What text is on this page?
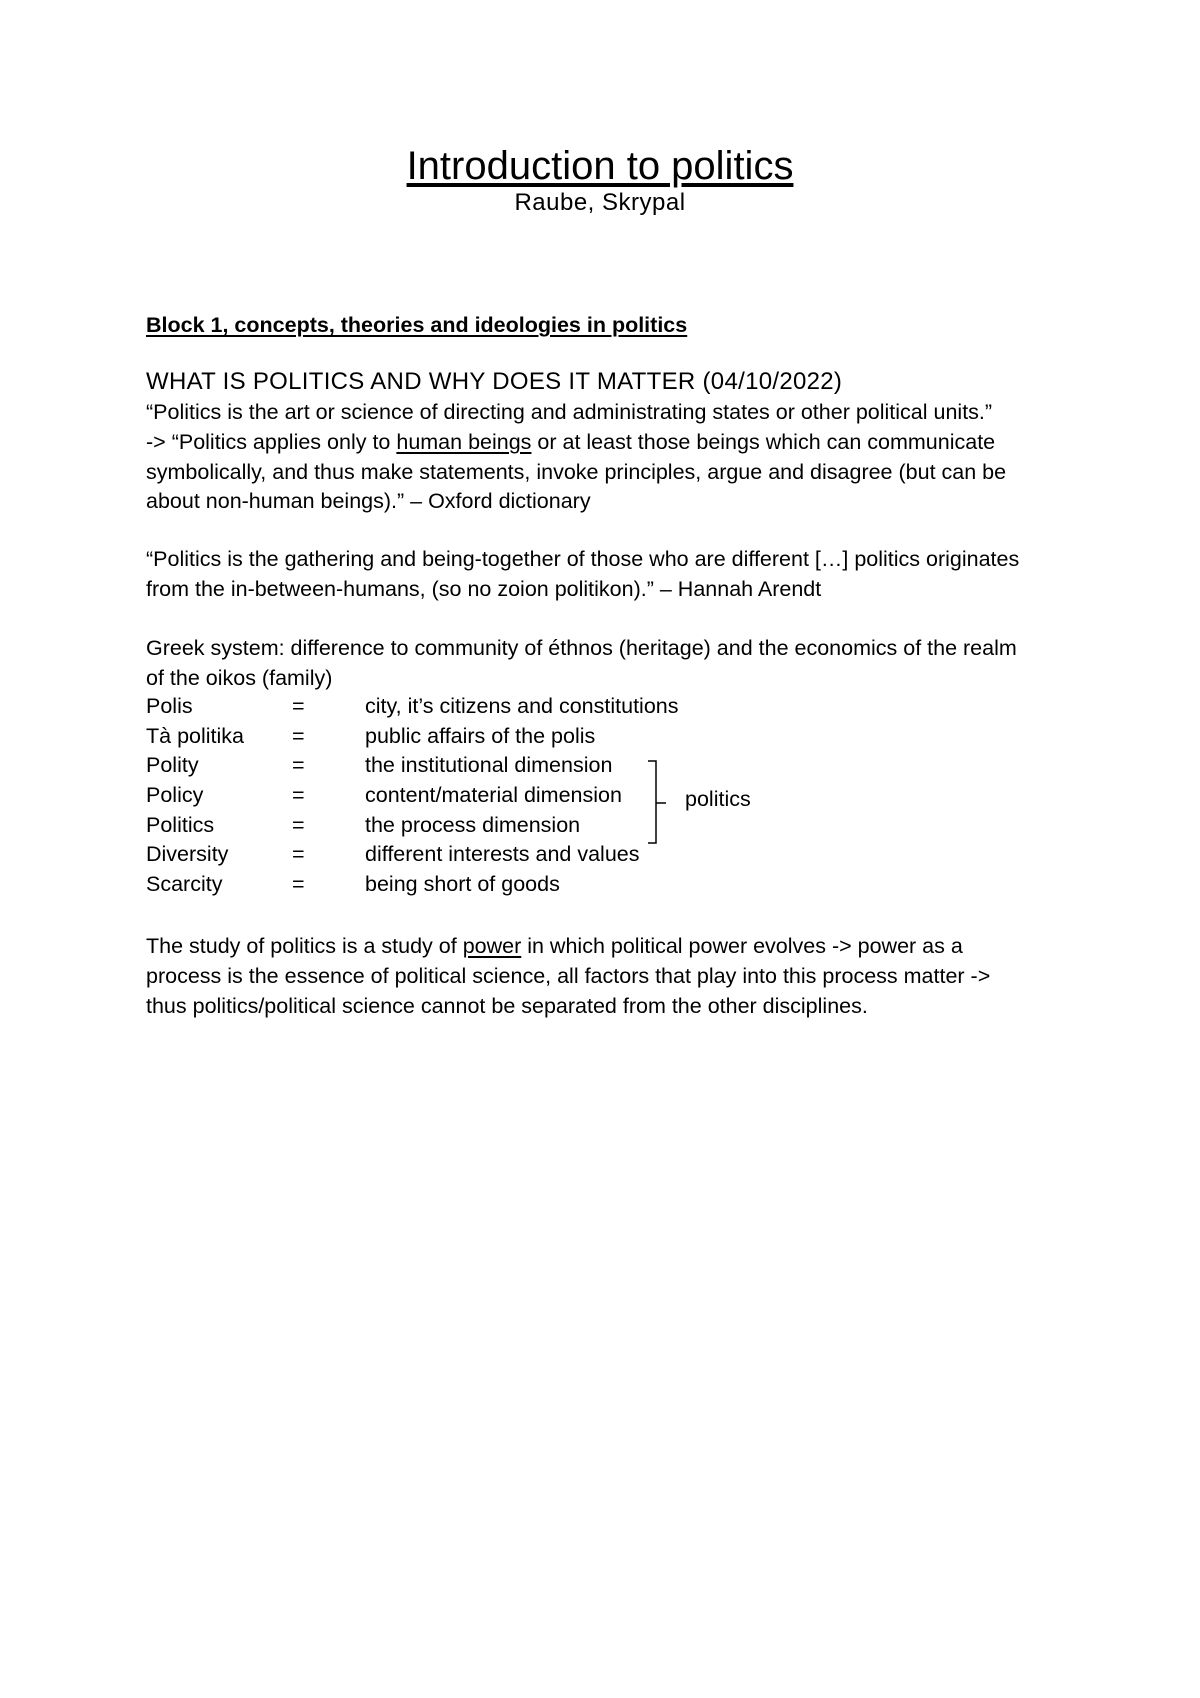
Introduction to politics
Raube, Skrypal
Block 1, concepts, theories and ideologies in politics
WHAT IS POLITICS AND WHY DOES IT MATTER (04/10/2022)
“Politics is the art or science of directing and administrating states or other political units.”
-> “Politics applies only to human beings or at least those beings which can communicate
symbolically, and thus make statements, invoke principles, argue and disagree (but can be
about non-human beings).” – Oxford dictionary
“Politics is the gathering and being-together of those who are different […] politics originates
from the in-between-humans, (so no zoion politikon).” – Hannah Arendt
Greek system: difference to community of éthnos (heritage) and the economics of the realm
of the oikos (family)
Polis	=	city, it’s citizens and constitutions
Tà politika =	public affairs of the polis
Polity	=	the institutional dimension
Policy	=	content/material dimension
Politics	=	the process dimension
Diversity	=	different interests and values
Scarcity	=	being short of goods
politics
The study of politics is a study of power in which political power evolves -> power as a
process is the essence of political science, all factors that play into this process matter ->
thus politics/political science cannot be separated from the other disciplines.
